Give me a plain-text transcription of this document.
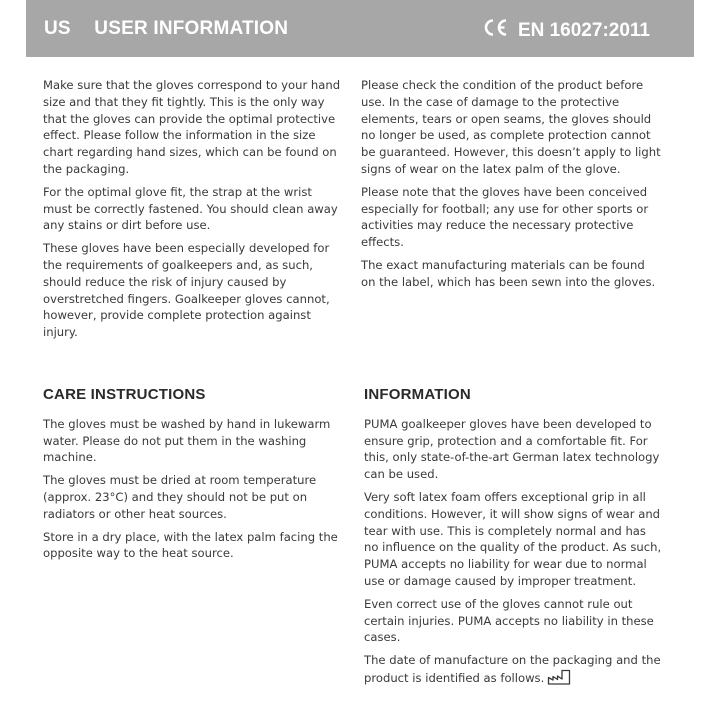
US USER INFORMATION	EN 16027:2011

Make sure that the gloves correspond to your hand size and that they fit tightly. This is the only way that the gloves can provide the optimal protective effect. Please follow the information in the size chart regarding hand sizes, which can be found on the packaging.

For the optimal glove fit, the strap at the wrist must be correctly fastened. You should clean away any stains or dirt before use.

These gloves have been especially developed for the requirements of goalkeepers and, as such, should reduce the risk of injury caused by overstretched fingers. Goalkeeper gloves cannot, however, provide complete protection against injury.

Please check the condition of the product before use. In the case of damage to the protective elements, tears or open seams, the gloves should no longer be used, as complete protection cannot be guaranteed. However, this doesn’t apply to light signs of wear on the latex palm of the glove.

Please note that the gloves have been conceived especially for football; any use for other sports or activities may reduce the necessary protective effects.

The exact manufacturing materials can be found on the label, which has been sewn into the gloves.

CARE INSTRUCTIONS

The gloves must be washed by hand in lukewarm water. Please do not put them in the washing machine.

The gloves must be dried at room temperature (approx. 23°C) and they should not be put on radiators or other heat sources.

Store in a dry place, with the latex palm facing the opposite way to the heat source.

INFORMATION

PUMA goalkeeper gloves have been developed to ensure grip, protection and a comfortable fit. For this, only state-of-the-art German latex technology can be used.

Very soft latex foam offers exceptional grip in all conditions. However, it will show signs of wear and tear with use. This is completely normal and has no influence on the quality of the product. As such, PUMA accepts no liability for wear due to normal use or damage caused by improper treatment.

Even correct use of the gloves cannot rule out certain injuries. PUMA accepts no liability in these cases.

The date of manufacture on the packaging and the product is identified as follows.
